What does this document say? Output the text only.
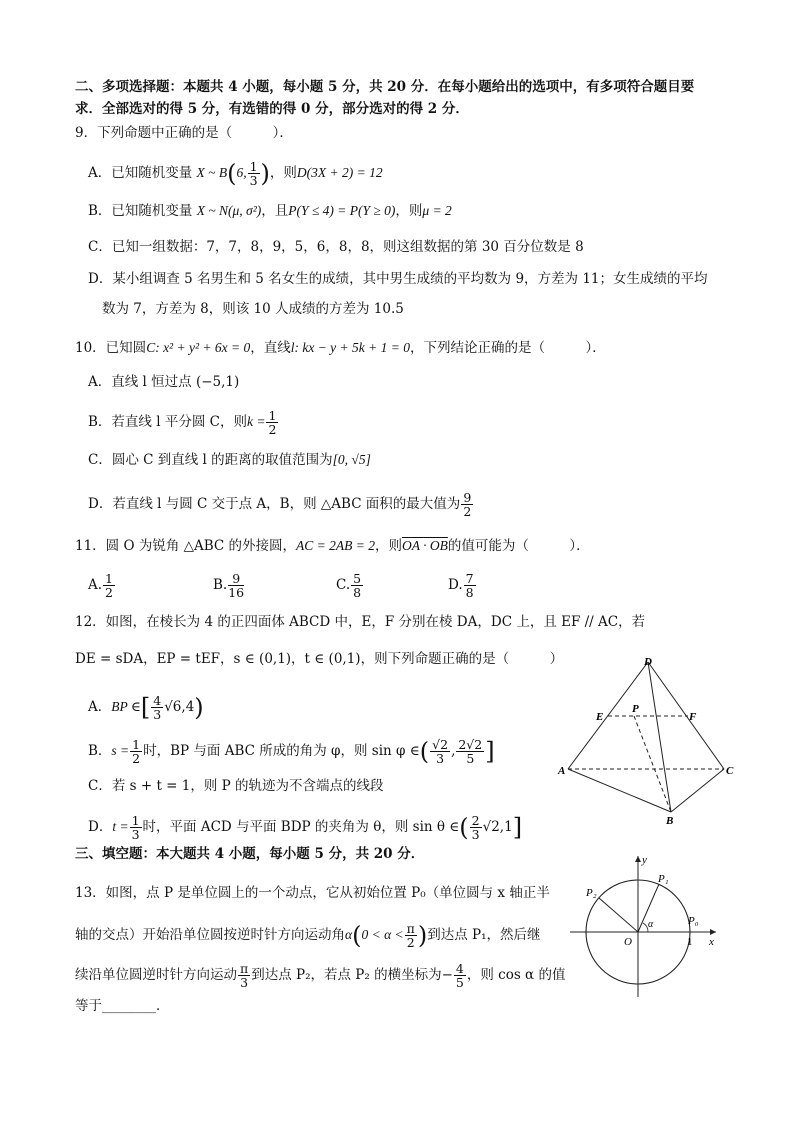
二、多项选择题：本题共 4 小题，每小题 5 分，共 20 分．在每小题给出的选项中，有多项符合题目要
求．全部选对的得 5 分，有选错的得 0 分，部分选对的得 2 分．
9．下列命题中正确的是（　　　）．
A．已知随机变量 X ~ B(6, $\frac{1}{3}$ )，则D(3X + 2) = 12
B．已知随机变量 X ~ N(μ, σ²)，且P(Y ≤ 4) = P(Y ≥ 0)，则μ = 2
C．已知一组数据：7，7，8，9，5，6，8，8，则这组数据的第 30 百分位数是 8
D．某小组调查 5 名男生和 5 名女生的成绩，其中男生成绩的平均数为 9，方差为 11；女生成绩的平均
数为 7，方差为 8，则该 10 人成绩的方差为 10.5
10．已知圆C: x² + y² + 6x = 0，直线l: kx − y + 5k + 1 = 0，下列结论正确的是（　　　）．
A．直线 l 恒过点 (−5,1)
B．若直线 l 平分圆 C，则$k = \frac{1}{2}$
C．圆心 C 到直线 l 的距离的取值范围为[0, √5]
D．若直线 l 与圆 C 交于点 A，B，则 △ABC 面积的最大值为 $\frac{9}{2}$
11．圆 O 为锐角 △ABC 的外接圆，AC = 2AB = 2，则OA · OB的值可能为（　　　）．
A. $\frac{1}{2}$	B. $\frac{9}{16}$	C. $\frac{5}{8}$	D. $\frac{7}{8}$
12．如图，在棱长为 4 的正四面体 ABCD 中，E，F 分别在棱 DA，DC 上，且 EF // AC，若
DE = sDA，EP = tEF，s ∈ (0,1)，t ∈ (0,1)，则下列命题正确的是（　　　）
A．BP ∈[ $\frac{4}{3} √6,4$)
B．$s = \frac{1}{2}$ 时，BP 与面 ABC 所成的角为 φ，则 sin φ ∈( $\frac{√2}{3}$ , $\frac{2√2}{5}$ ]
C．若 s + t = 1，则 P 的轨迹为不含端点的线段
D．$t = \frac{1}{3}$ 时，平面 ACD 与平面 BDP 的夹角为 θ，则 sin θ ∈( $\frac{2}{3} √2,1$]
D
E
P
F
A	C
B
三、填空题：本大题共 4 小题，每小题 5 分，共 20 分．
13．如图，点 P 是单位圆上的一个动点，它从初始位置 P₀（单位圆与 x 轴正半
轴的交点）开始沿单位圆按逆时针方向运动角$\alpha(0 < \alpha < \frac{\pi}{2}$ )到达点 P₁，然后继
续沿单位圆逆时针方向运动 $\frac{\pi}{3}$ 到达点 P₂，若点 P₂ 的横坐标为− $\frac{4}{5}$ ，则 cos α 的值
等于________．
y
x
O	1
P₀
P₁
P₂
α
